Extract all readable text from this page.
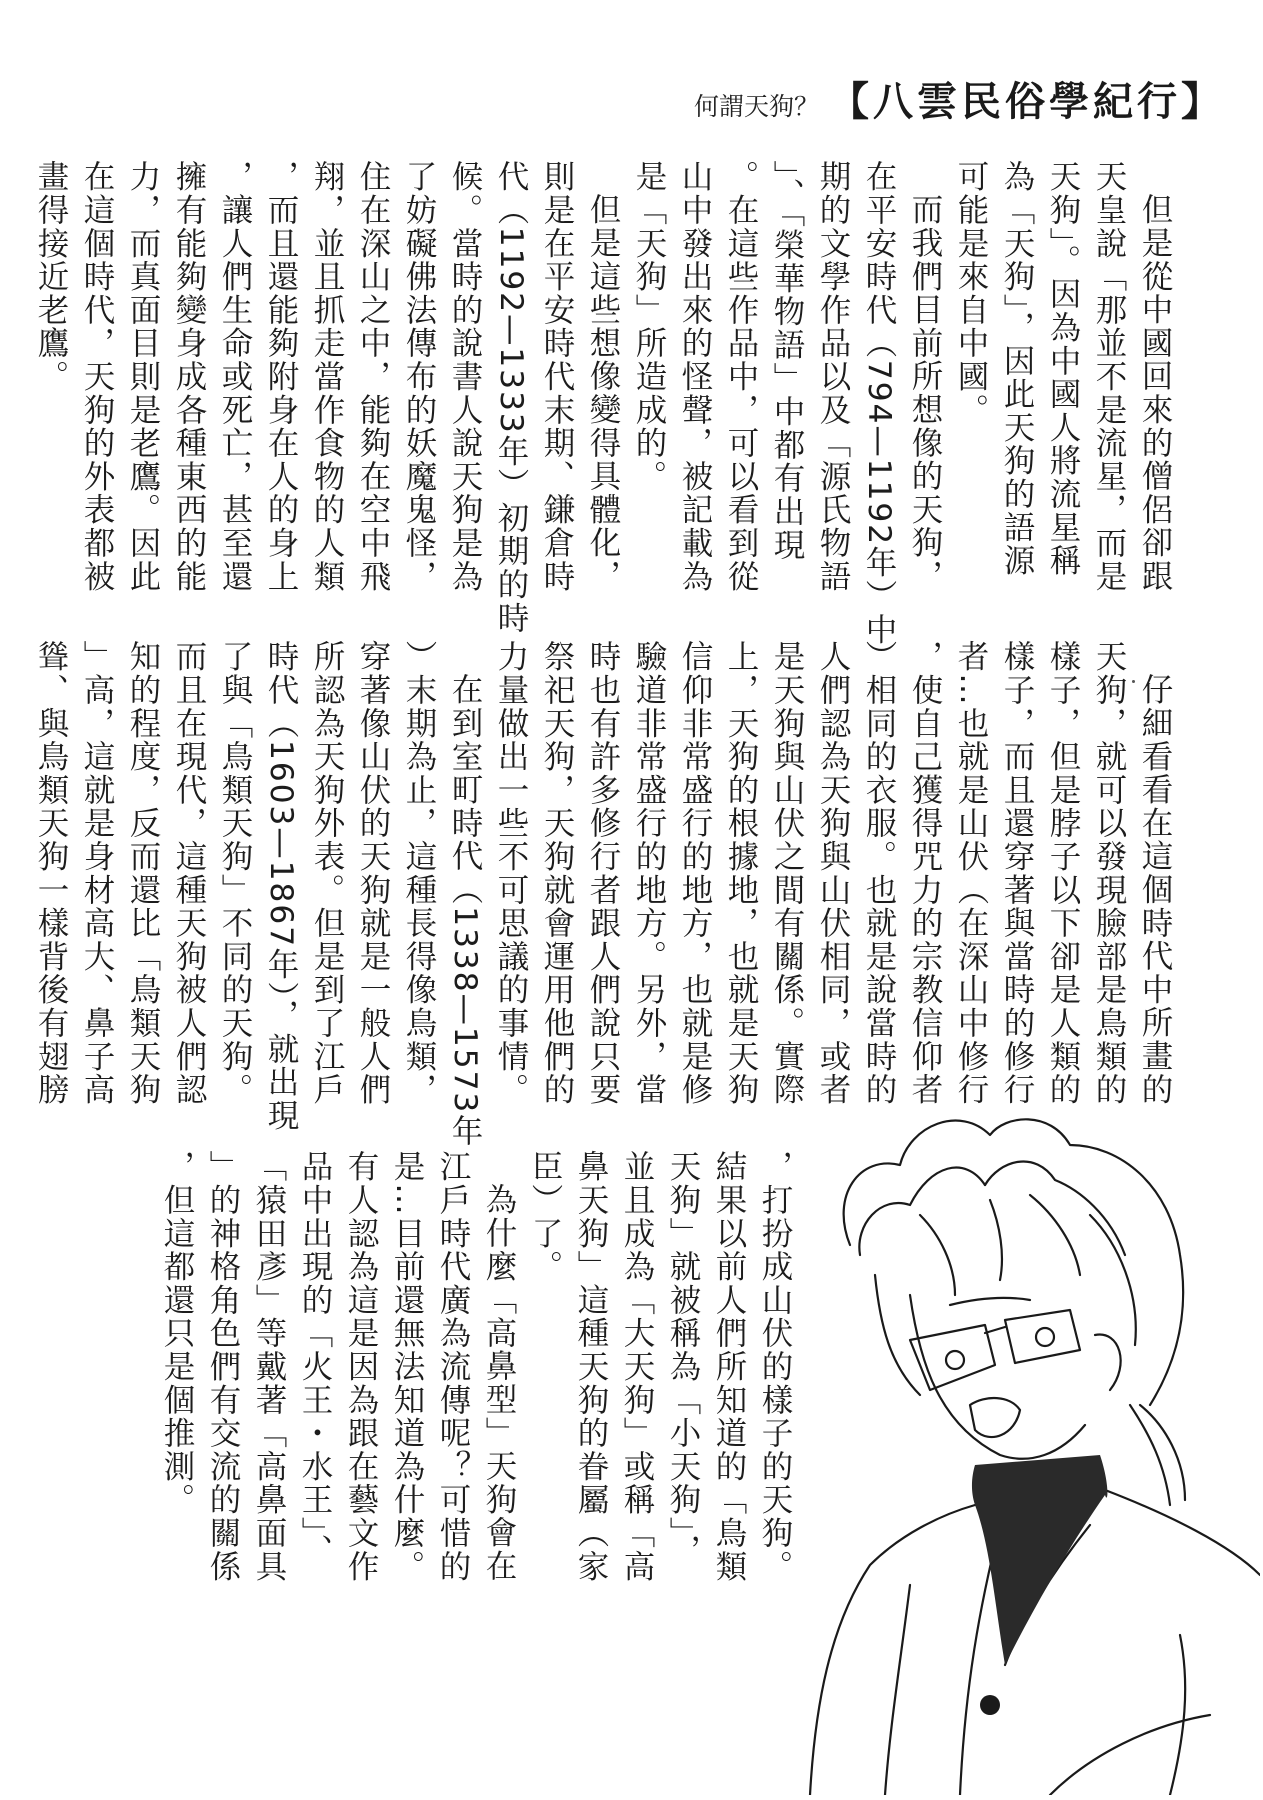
何謂天狗？ 【八雲民俗學紀行】
但是從中國回來的僧侶卻跟
天皇說「那並不是流星，而是
天狗」。因為中國人將流星稱
為「天狗」，因此天狗的語源
可能是來自中國。
而我們目前所想像的天狗，
在平安時代（794—1192年）中
期的文學作品以及「源氏物語
」、「榮華物語」中都有出現
。在這些作品中，可以看到從
山中發出來的怪聲，被記載為
是「天狗」所造成的。
但是這些想像變得具體化，
則是在平安時代末期、鎌倉時
代（1192—1333年）初期的時
候。當時的說書人說天狗是為
了妨礙佛法傳布的妖魔鬼怪，
住在深山之中，能夠在空中飛
翔，並且抓走當作食物的人類
，而且還能夠附身在人的身上
，讓人們生命或死亡，甚至還
擁有能夠變身成各種東西的能
力，而真面目則是老鷹。因此
在這個時代，天狗的外表都被
畫得接近老鷹。
仔細看看在這個時代中所畫的
天狗，就可以發現臉部是鳥類的
樣子，但是脖子以下卻是人類的
樣子，而且還穿著與當時的修行
者…也就是山伏（在深山中修行
，使自己獲得咒力的宗教信仰者
）相同的衣服。也就是說當時的
人們認為天狗與山伏相同，或者
是天狗與山伏之間有關係。實際
上，天狗的根據地，也就是天狗
信仰非常盛行的地方，也就是修
驗道非常盛行的地方。另外，當
時也有許多修行者跟人們說只要
祭祀天狗，天狗就會運用他們的
力量做出一些不可思議的事情。
在到室町時代（1338—1573年
）末期為止，這種長得像鳥類，
穿著像山伏的天狗就是一般人們
所認為天狗外表。但是到了江戶
時代（1603—1867年），就出現
了與「鳥類天狗」不同的天狗。
而且在現代，這種天狗被人們認
知的程度，反而還比「鳥類天狗
」高，這就是身材高大、鼻子高
聳、與鳥類天狗一樣背後有翅膀
，打扮成山伏的樣子的天狗。
結果以前人們所知道的「鳥類
天狗」就被稱為「小天狗」，
並且成為「大天狗」或稱「高
鼻天狗」這種天狗的眷屬（家
臣）了。
為什麼「高鼻型」天狗會在
江戶時代廣為流傳呢？可惜的
是…目前還無法知道為什麼。
有人認為這是因為跟在藝文作
品中出現的「火王・水王」、
「猿田彥」等戴著「高鼻面具
」的神格角色們有交流的關係
，但這都還只是個推測。
